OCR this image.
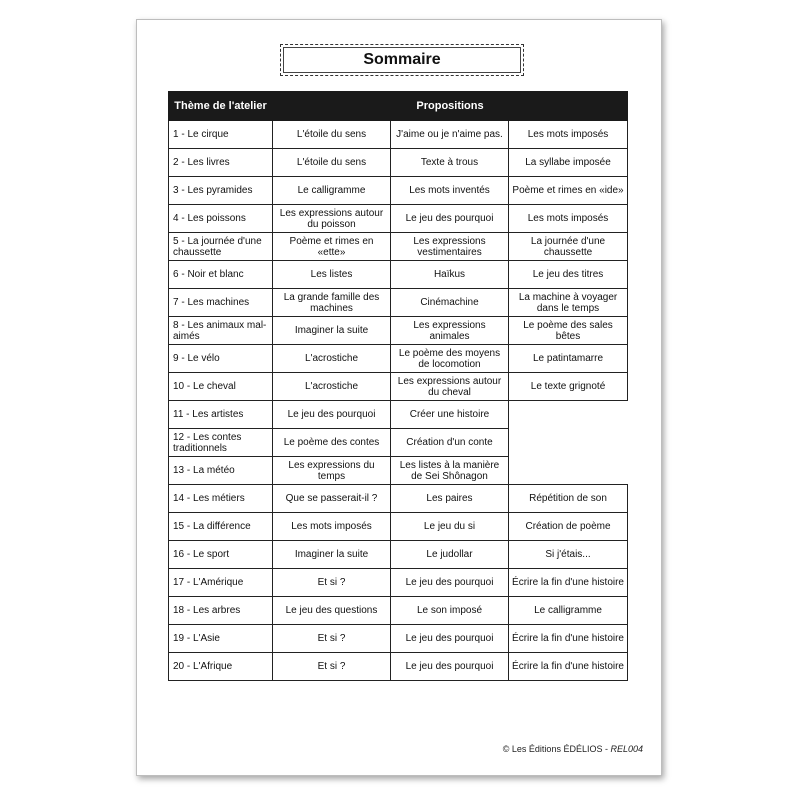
Sommaire
Thème de l'atelier	Propositions		
1 - Le cirque	L'étoile du sens	J'aime ou je n'aime pas.	Les mots imposés
2 - Les livres	L'étoile du sens	Texte à trous	La syllabe imposée
3 - Les pyramides	Le calligramme	Les mots inventés	Poème et rimes en «ide»
4 - Les poissons	Les expressions autour du poisson	Le jeu des pourquoi	Les mots imposés
5 - La journée d'une chaussette	Poème et rimes en «ette»	Les expressions vestimentaires	La journée d'une chaussette
6 - Noir et blanc	Les listes	Haïkus	Le jeu des titres
7 - Les machines	La grande famille des machines	Cinémachine	La machine à voyager dans le temps
8 - Les animaux mal-aimés	Imaginer la suite	Les expressions animales	Le poème des sales bêtes
9 - Le vélo	L'acrostiche	Le poème des moyens de locomotion	Le patintamarre
10 - Le cheval	L'acrostiche	Les expressions autour du cheval	Le texte grignoté
11 - Les artistes	Le jeu des pourquoi	Créer une histoire	
12 - Les contes traditionnels	Le poème des contes	Création d'un conte	
13 - La météo	Les expressions du temps	Les listes à la manière de Sei Shônagon	
14 - Les métiers	Que se passerait-il ?	Les paires	Répétition de son
15 - La différence	Les mots imposés	Le jeu du si	Création de poème
16 - Le sport	Imaginer la suite	Le judollar	Si j'étais...
17 - L'Amérique	Et si ?	Le jeu des pourquoi	Écrire la fin d'une histoire
18 - Les arbres	Le jeu des questions	Le son imposé	Le calligramme
19 - L'Asie	Et si ?	Le jeu des pourquoi	Écrire la fin d'une histoire
20 - L'Afrique	Et si ?	Le jeu des pourquoi	Écrire la fin d'une histoire
© Les Éditions ÉDÉLIOS - REL004
